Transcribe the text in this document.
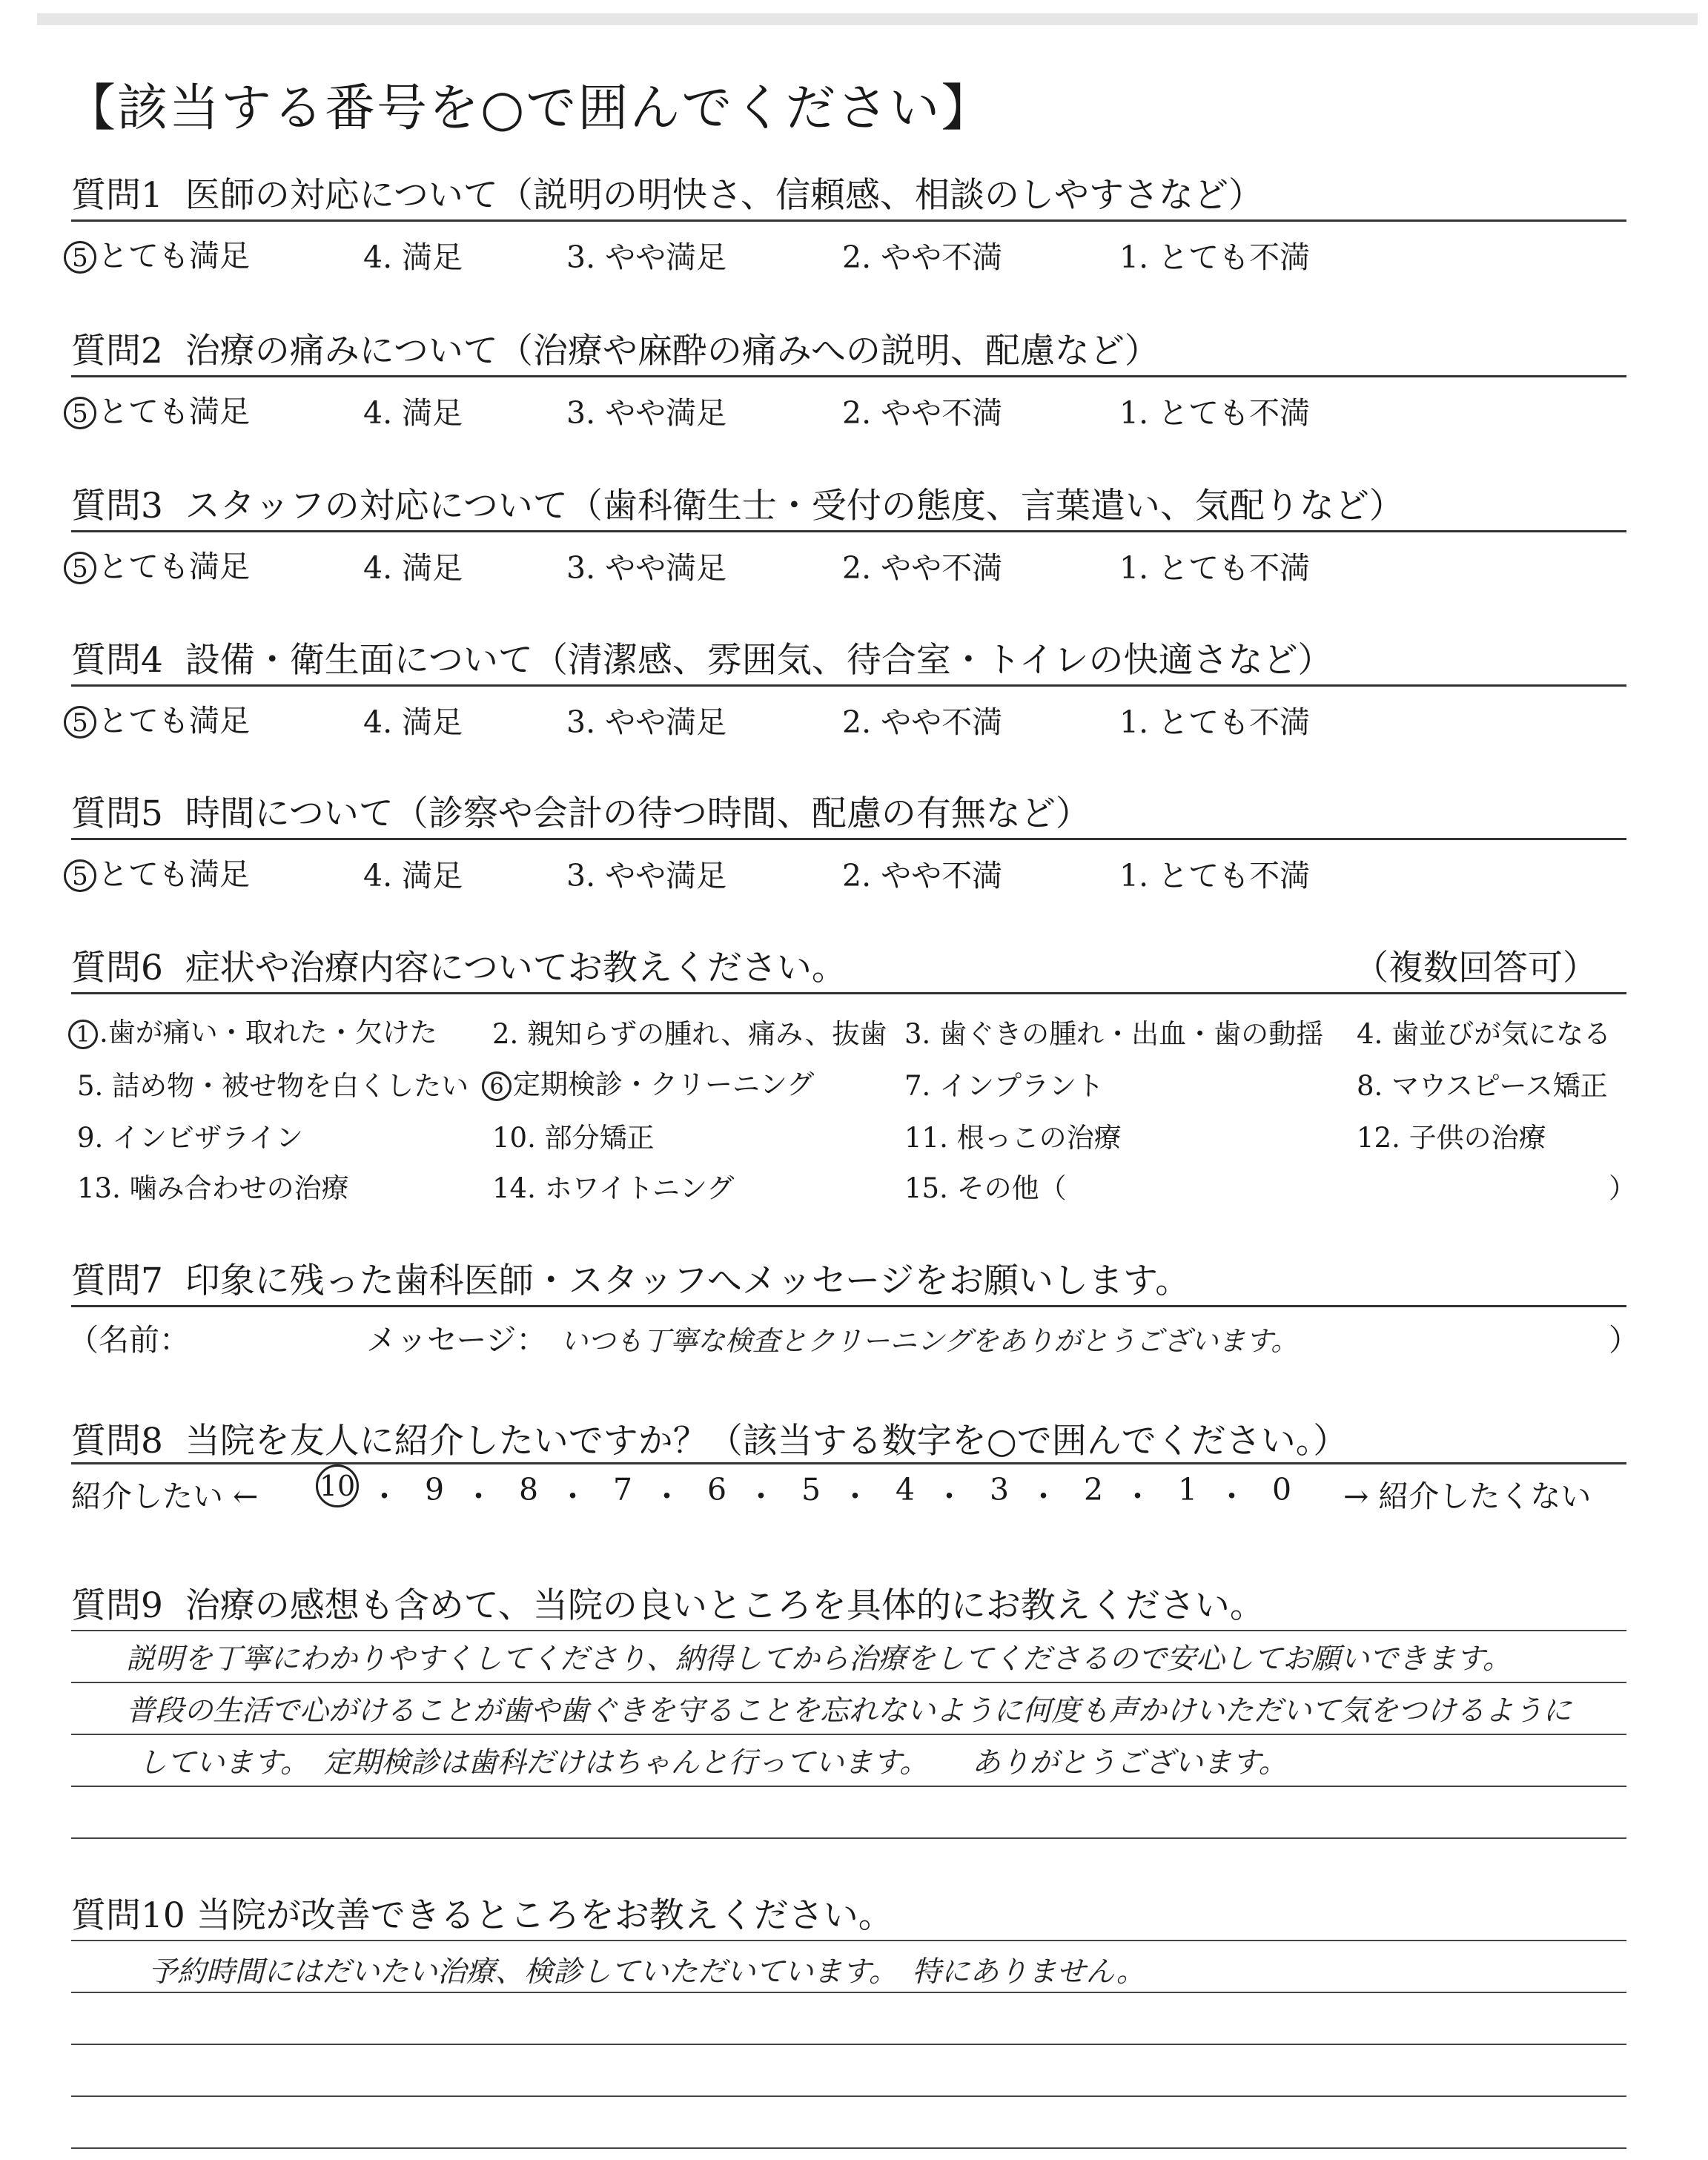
【該当する番号を○で囲んでください】
質問1 医師の対応について（説明の明快さ、信頼感、相談のしやすさなど）
5 とても満足	4. 満足	3. やや満足	2. やや不満	1. とても不満
質問2 治療の痛みについて（治療や麻酔の痛みへの説明、配慮など）
5 とても満足	4. 満足	3. やや満足	2. やや不満	1. とても不満
質問3 スタッフの対応について（歯科衛生士・受付の態度、言葉遣い、気配りなど）
5 とても満足	4. 満足	3. やや満足	2. やや不満	1. とても不満
質問4 設備・衛生面について（清潔感、雰囲気、待合室・トイレの快適さなど）
5 とても満足	4. 満足	3. やや満足	2. やや不満	1. とても不満
質問5 時間について（診察や会計の待つ時間、配慮の有無など）
5 とても満足	4. 満足	3. やや満足	2. やや不満	1. とても不満
質問6 症状や治療内容についてお教えください。	（複数回答可）
1 .歯が痛い・取れた・欠けた 2. 親知らずの腫れ、痛み、抜歯 3. 歯ぐきの腫れ・出血・歯の動揺 4. 歯並びが気になる
5. 詰め物・被せ物を白くしたい 6 定期検診・クリーニング	7. インプラント	8. マウスピース矯正
9. インビザライン	10. 部分矯正	11. 根っこの治療	12. 子供の治療
13. 噛み合わせの治療	14. ホワイトニング	15. その他（	）
質問7 印象に残った歯科医師・スタッフへメッセージをお願いします。
（名前：	メッセージ： いつも丁寧な検査とクリーニングをありがとうございます。	）
質問8 当院を友人に紹介したいですか？（該当する数字を○で囲んでください。）
紹介したい ← 10 ・ 9 ・ 8 ・ 7 ・ 6 ・ 5 ・ 4 ・ 3 ・ 2 ・ 1 ・ 0 → 紹介したくない
質問9 治療の感想も含めて、当院の良いところを具体的にお教えください。
説明を丁寧にわかりやすくしてくださり、納得してから治療をしてくださるので安心してお願いできます。
普段の生活で心がけることが歯や歯ぐきを守ることを忘れないように何度も声かけいただいて気をつけるように
しています。　定期検診は歯科だけはちゃんと行っています。　　ありがとうございます。
質問10 当院が改善できるところをお教えください。
予約時間にはだいたい治療、検診していただいています。　特にありません。
